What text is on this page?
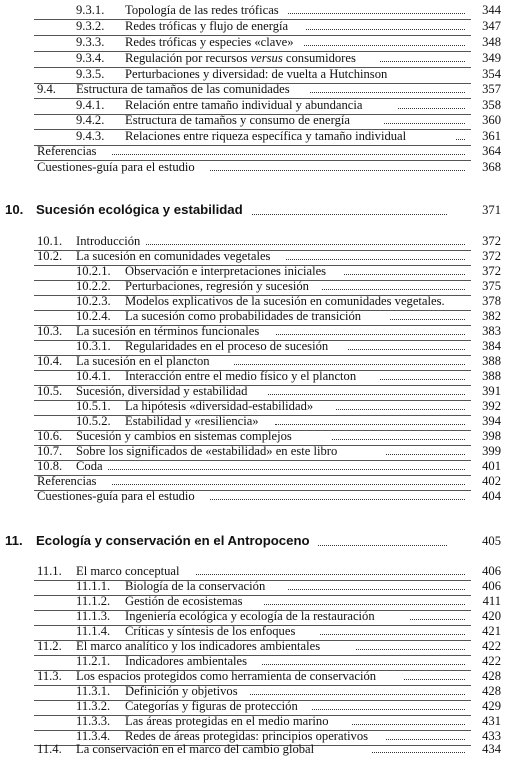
9.3.1. Topología de las redes tróficas	344
9.3.2. Redes tróficas y flujo de energía	347
9.3.3. Redes tróficas y especies «clave»	348
9.3.4. Regulación por recursos versus consumidores	349
9.3.5. Perturbaciones y diversidad: de vuelta a Hutchinson	354
9.4. Estructura de tamaños de las comunidades	357
9.4.1. Relación entre tamaño individual y abundancia	358
9.4.2. Estructura de tamaños y consumo de energía	360
9.4.3. Relaciones entre riqueza específica y tamaño individual	361
Referencias	364
Cuestiones-guía para el estudio	368
10. Sucesión ecológica y estabilidad	371
10.1. Introducción	372
10.2. La sucesión en comunidades vegetales	372
10.2.1. Observación e interpretaciones iniciales	372
10.2.2. Perturbaciones, regresión y sucesión	375
10.2.3. Modelos explicativos de la sucesión en comunidades vegetales.	378
10.2.4. La sucesión como probabilidades de transición	382
10.3. La sucesión en términos funcionales	383
10.3.1. Regularidades en el proceso de sucesión	384
10.4. La sucesión en el plancton	388
10.4.1. Interacción entre el medio físico y el plancton	388
10.5. Sucesión, diversidad y estabilidad	391
10.5.1. La hipótesis «diversidad-estabilidad»	392
10.5.2. Estabilidad y «resiliencia»	394
10.6. Sucesión y cambios en sistemas complejos	398
10.7. Sobre los significados de «estabilidad» en este libro	399
10.8. Coda	401
Referencias	402
Cuestiones-guía para el estudio	404
11. Ecología y conservación en el Antropoceno	405
11.1. El marco conceptual	406
11.1.1. Biología de la conservación	406
11.1.2. Gestión de ecosistemas	411
11.1.3. Ingeniería ecológica y ecología de la restauración	420
11.1.4. Críticas y síntesis de los enfoques	421
11.2. El marco analítico y los indicadores ambientales	422
11.2.1. Indicadores ambientales	422
11.3. Los espacios protegidos como herramienta de conservación	428
11.3.1. Definición y objetivos	428
11.3.2. Categorías y figuras de protección	429
11.3.3. Las áreas protegidas en el medio marino	431
11.3.4. Redes de áreas protegidas: principios operativos	433
11.4. La conservación en el marco del cambio global	434
